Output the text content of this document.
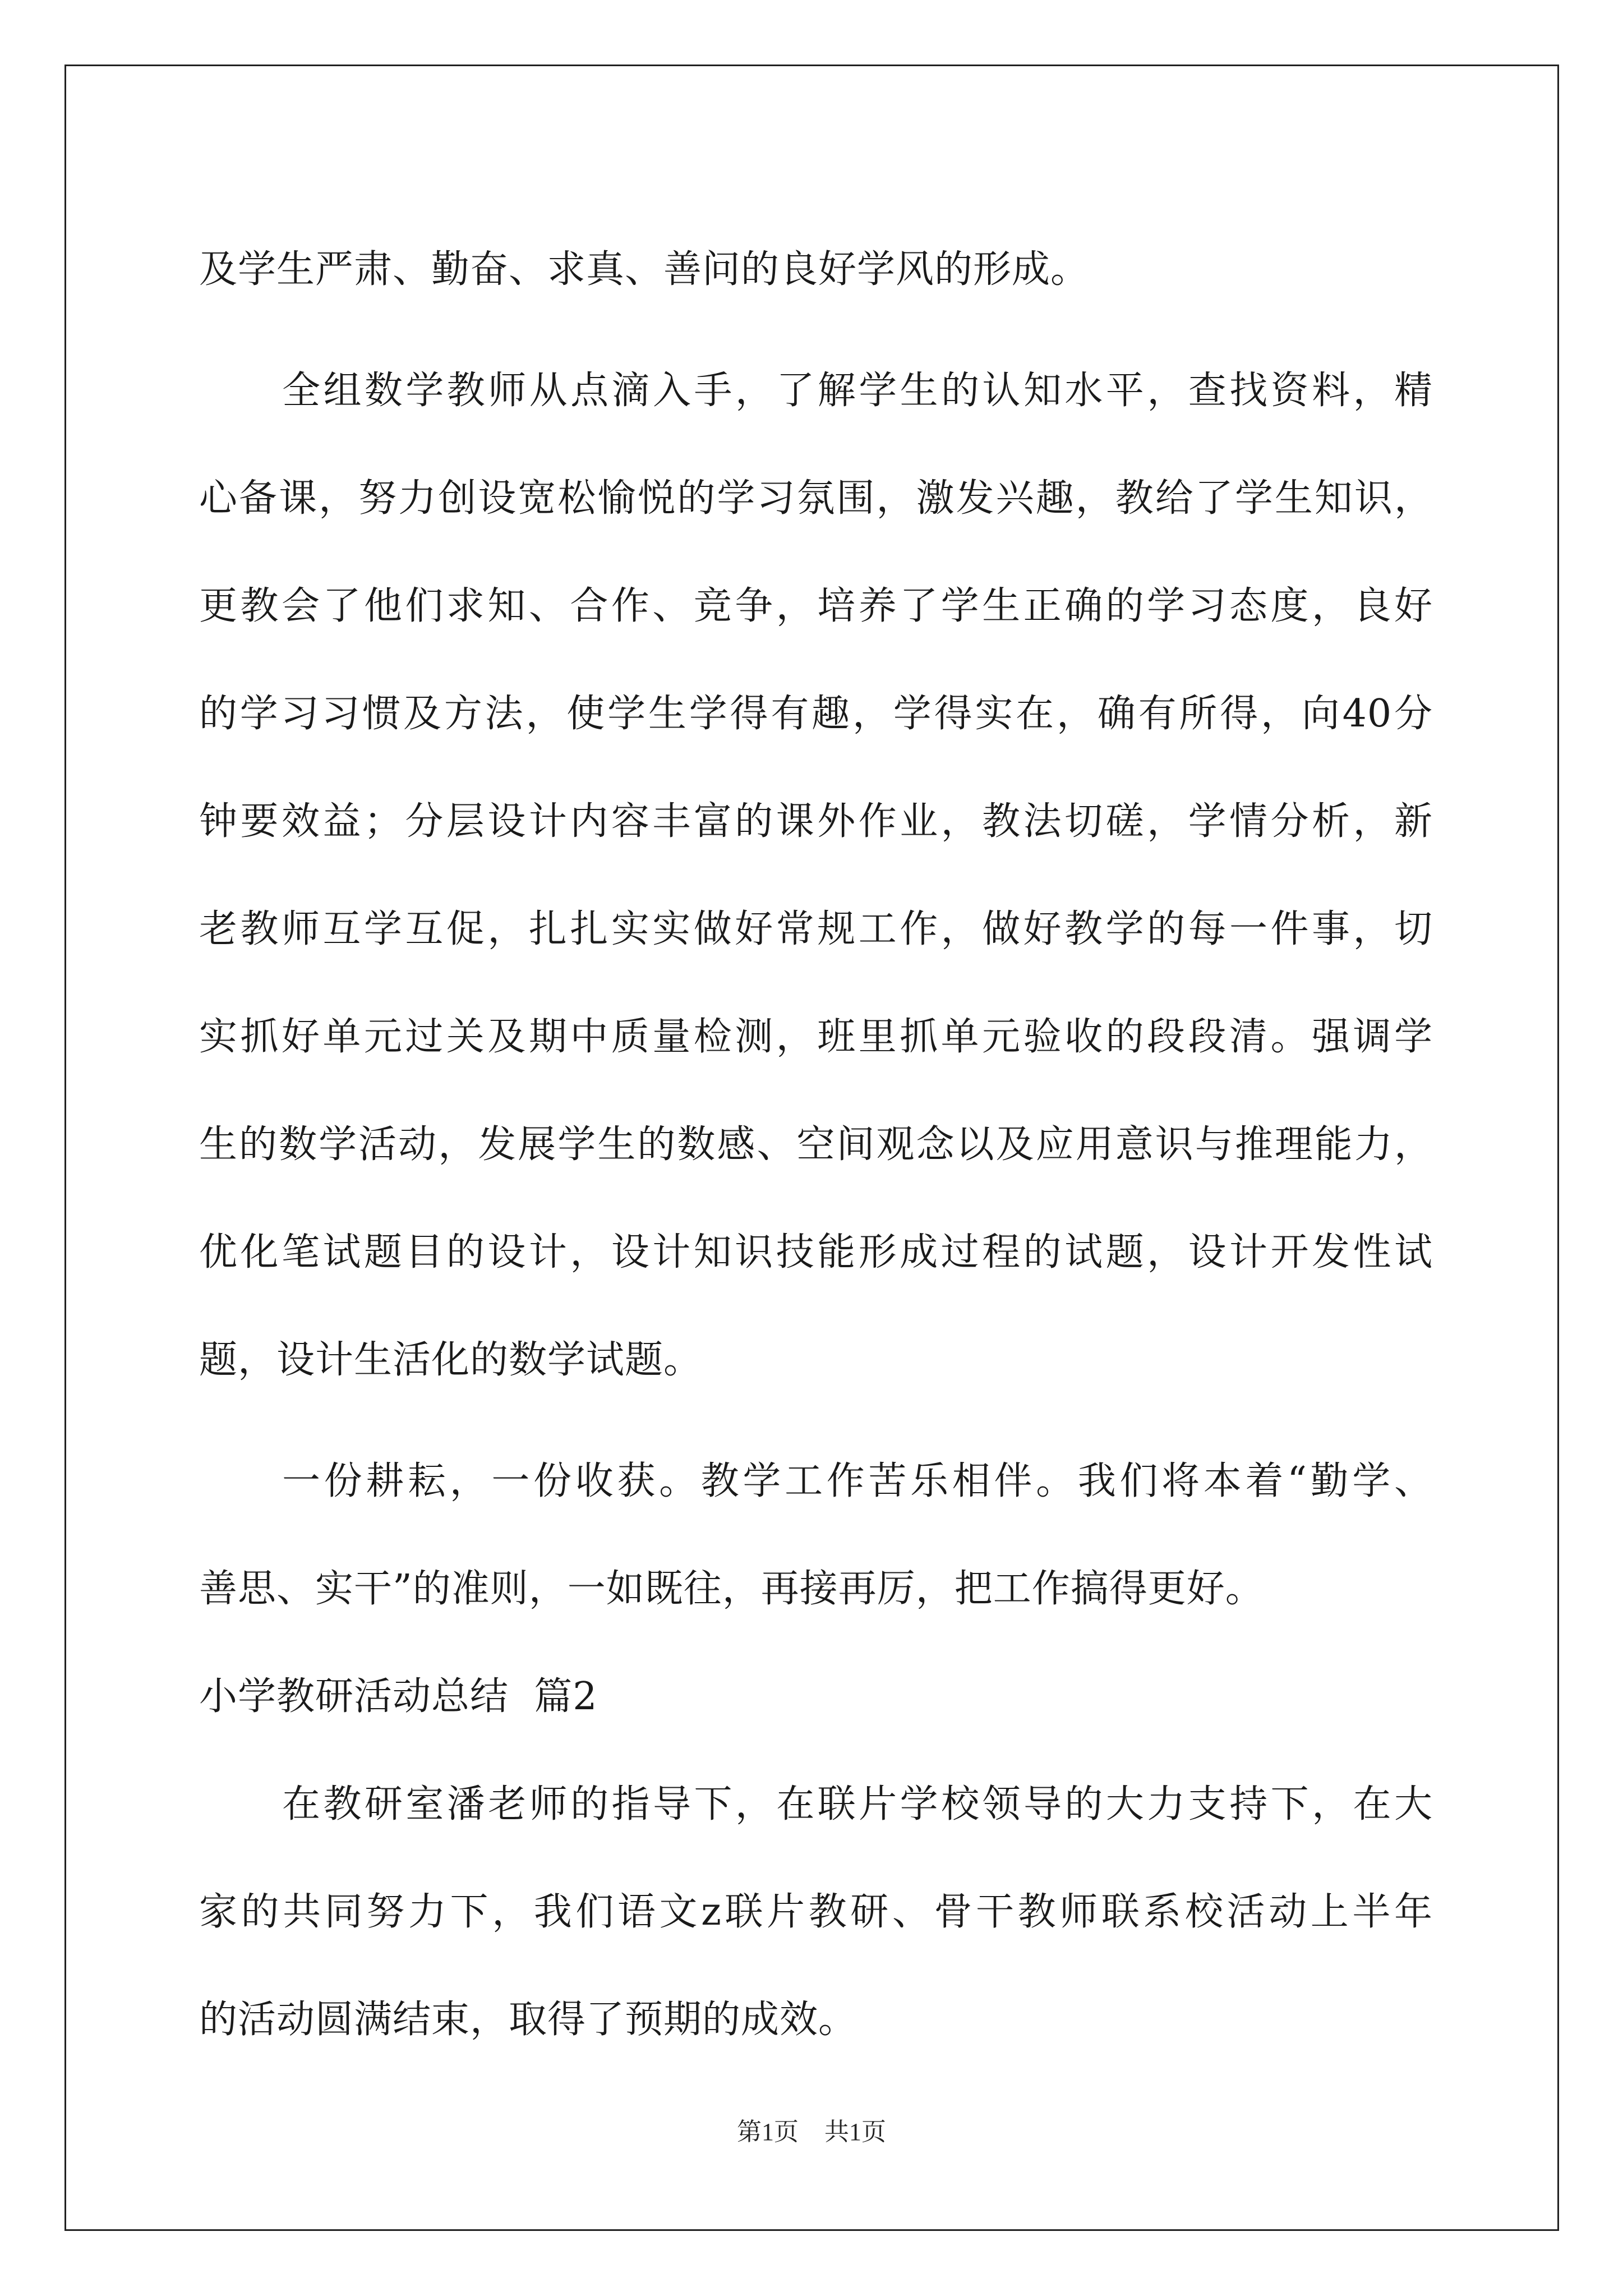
及学生严肃、勤奋、求真、善问的良好学风的形成。
全组数学教师从点滴入手，了解学生的认知水平，查找资料，精
心备课，努力创设宽松愉悦的学习氛围，激发兴趣，教给了学生知识，
更教会了他们求知、合作、竞争，培养了学生正确的学习态度，良好
的学习习惯及方法，使学生学得有趣，学得实在，确有所得，向40分
钟要效益；分层设计内容丰富的课外作业，教法切磋，学情分析，新
老教师互学互促，扎扎实实做好常规工作，做好教学的每一件事，切
实抓好单元过关及期中质量检测，班里抓单元验收的段段清。强调学
生的数学活动，发展学生的数感、空间观念以及应用意识与推理能力，
优化笔试题目的设计，设计知识技能形成过程的试题，设计开发性试
题，设计生活化的数学试题。
一份耕耘，一份收获。教学工作苦乐相伴。我们将本着“勤学、
善思、实干”的准则，一如既往，再接再厉，把工作搞得更好。
小学教研活动总结  篇2
在教研室潘老师的指导下，在联片学校领导的大力支持下，在大
家的共同努力下，我们语文z联片教研、骨干教师联系校活动上半年
的活动圆满结束，取得了预期的成效。
第1页 共1页
